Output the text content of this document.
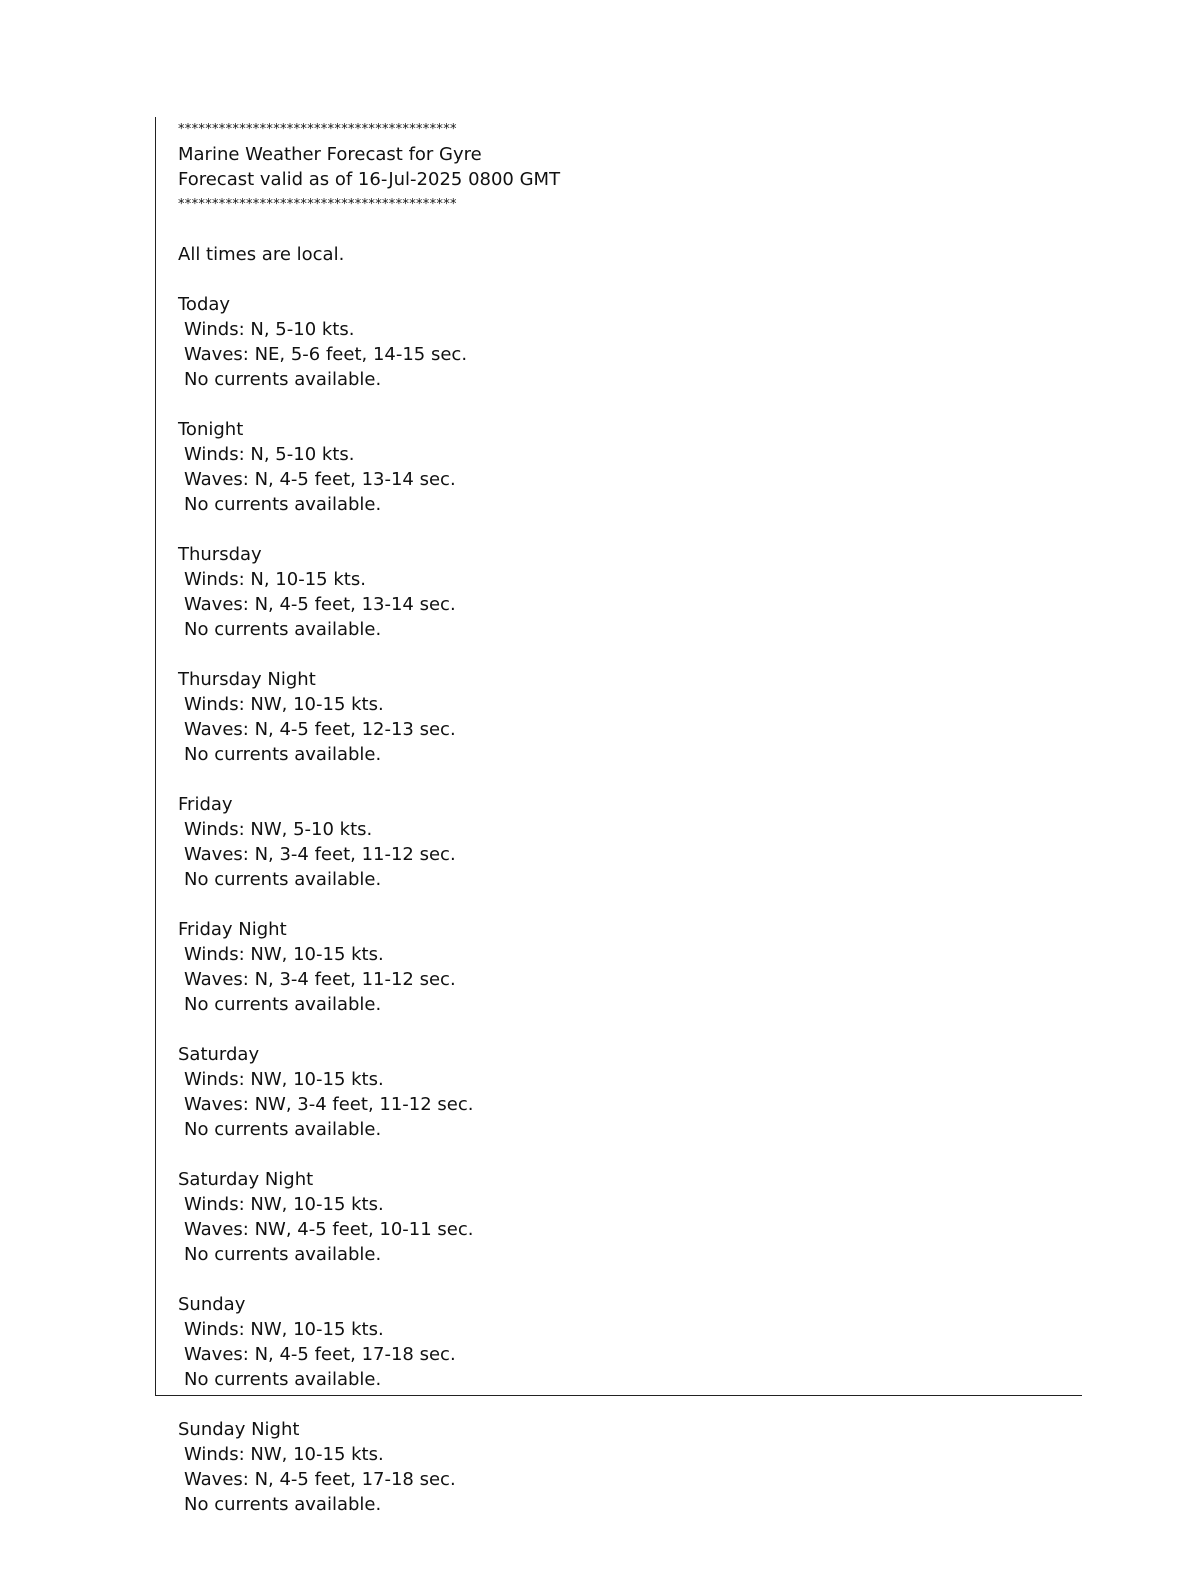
*****************************************
Marine Weather Forecast for Gyre
Forecast valid as of 16-Jul-2025 0800 GMT
*****************************************
All times are local.
Today
Winds: N, 5-10 kts.
Waves: NE, 5-6 feet, 14-15 sec.
No currents available.
Tonight
Winds: N, 5-10 kts.
Waves: N, 4-5 feet, 13-14 sec.
No currents available.
Thursday
Winds: N, 10-15 kts.
Waves: N, 4-5 feet, 13-14 sec.
No currents available.
Thursday Night
Winds: NW, 10-15 kts.
Waves: N, 4-5 feet, 12-13 sec.
No currents available.
Friday
Winds: NW, 5-10 kts.
Waves: N, 3-4 feet, 11-12 sec.
No currents available.
Friday Night
Winds: NW, 10-15 kts.
Waves: N, 3-4 feet, 11-12 sec.
No currents available.
Saturday
Winds: NW, 10-15 kts.
Waves: NW, 3-4 feet, 11-12 sec.
No currents available.
Saturday Night
Winds: NW, 10-15 kts.
Waves: NW, 4-5 feet, 10-11 sec.
No currents available.
Sunday
Winds: NW, 10-15 kts.
Waves: N, 4-5 feet, 17-18 sec.
No currents available.
Sunday Night
Winds: NW, 10-15 kts.
Waves: N, 4-5 feet, 17-18 sec.
No currents available.
